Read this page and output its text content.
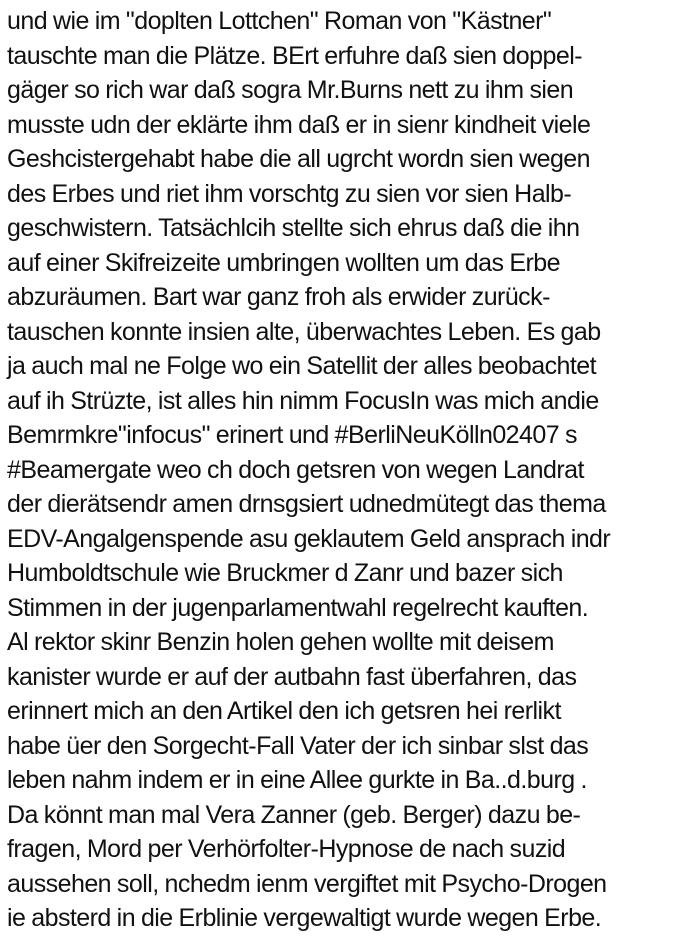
und wie im "doplten Lottchen" Roman von "Kästner"
tauschte man die Plätze. BErt erfuhre daß sien doppel-
gäger so rich war daß sogra Mr.Burns nett zu ihm sien
musste udn der eklärte ihm daß er in sienr kindheit viele
Geshcistergehabt habe die all ugrcht wordn sien wegen
des Erbes und riet ihm vorschtg zu sien vor sien Halb-
geschwistern. Tatsächlcih stellte sich ehrus daß die ihn
auf einer Skifreizeite umbringen wollten um das Erbe
abzuräumen. Bart war ganz froh als erwider zurück-
tauschen konnte insien alte, überwachtes Leben. Es gab
ja auch mal ne Folge wo ein Satellit der alles beobachtet
auf ih Strüzte, ist alles hin nimm FocusIn was mich andie
Bemrmkre"infocus" erinert und #BerliNeuKölln02407 s
#Beamergate weo ch doch getsren von wegen Landrat
der dierätsendr amen drnsgsiert udnedmütegt das thema
EDV-Angalgenspende asu geklautem Geld ansprach indr
Humboldtschule wie Bruckmer d Zanr und bazer sich
Stimmen in der jugenparlamentwahl regelrecht kauften.
Al rektor skinr Benzin holen gehen wollte mit deisem
kanister wurde er auf der autbahn fast überfahren, das
erinnert mich an den Artikel den ich getsren hei rerlikt
habe üer den Sorgecht-Fall Vater der ich sinbar slst das
leben nahm indem er in eine Allee gurkte in Ba..d.burg .
Da könnt man mal Vera Zanner (geb. Berger) dazu be-
fragen, Mord per Verhörfolter-Hypnose de nach suzid
aussehen soll, nchedm ienm vergiftet mit Psycho-Drogen
ie absterd in die Erblinie vergewaltigt wurde wegen Erbe.
